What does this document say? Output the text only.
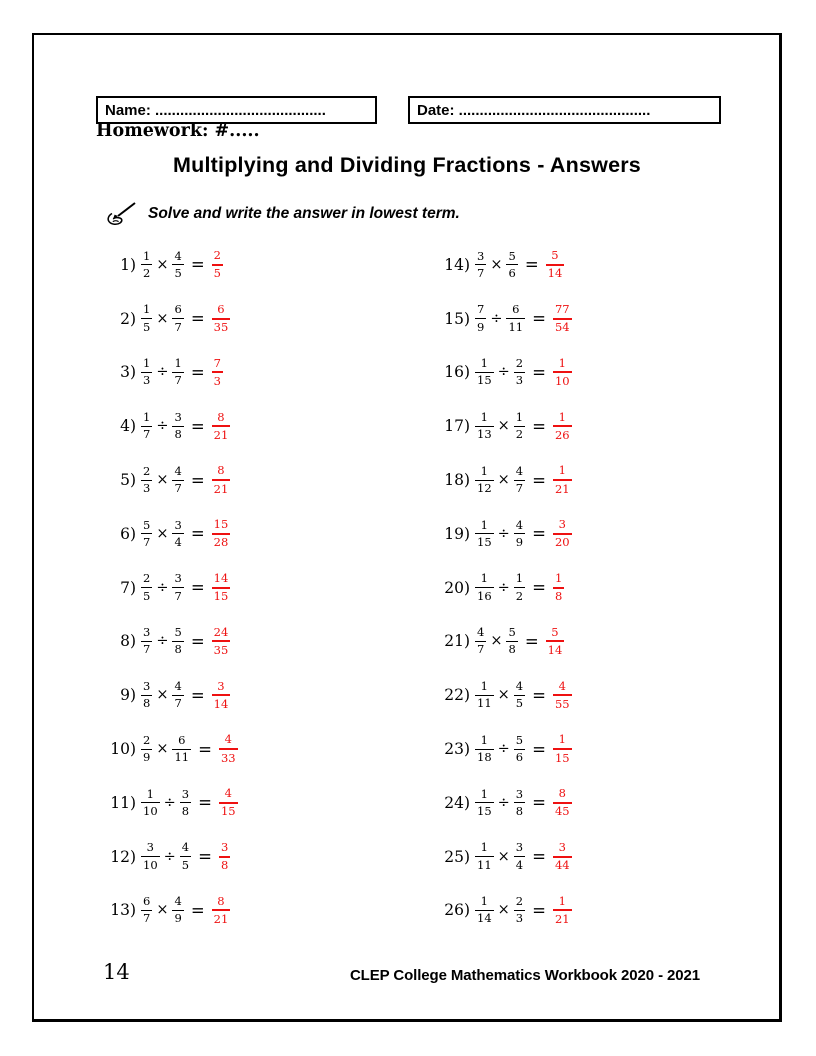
Name: .........................................	Date: ..............................................
Homework: #.....
Multiplying and Dividing Fractions - Answers
Solve and write the answer in lowest term.
$1) \frac{1}{2} \times \frac{4}{5} = \frac{2}{5}$
$2) \frac{1}{5} \times \frac{6}{7} = \frac{6}{35}$
$3) \frac{1}{3} \div \frac{1}{7} = \frac{7}{3}$
$4) \frac{1}{7} \div \frac{3}{8} = \frac{8}{21}$
$5) \frac{2}{3} \times \frac{4}{7} = \frac{8}{21}$
$6) \frac{5}{7} \times \frac{3}{4} = \frac{15}{28}$
$7) \frac{2}{5} \div \frac{3}{7} = \frac{14}{15}$
$8) \frac{3}{7} \div \frac{5}{8} = \frac{24}{35}$
$9) \frac{3}{8} \times \frac{4}{7} = \frac{3}{14}$
$10) \frac{2}{9} \times \frac{6}{11} = \frac{4}{33}$
$11) \frac{1}{10} \div \frac{3}{8} = \frac{4}{15}$
$12) \frac{3}{10} \div \frac{4}{5} = \frac{3}{8}$
$13) \frac{6}{7} \times \frac{4}{9} = \frac{8}{21}$
$14) \frac{3}{7} \times \frac{5}{6} = \frac{5}{14}$
$15) \frac{7}{9} \div \frac{6}{11} = \frac{77}{54}$
$16) \frac{1}{15} \div \frac{2}{3} = \frac{1}{10}$
$17) \frac{1}{13} \times \frac{1}{2} = \frac{1}{26}$
$18) \frac{1}{12} \times \frac{4}{7} = \frac{1}{21}$
$19) \frac{1}{15} \div \frac{4}{9} = \frac{3}{20}$
$20) \frac{1}{16} \div \frac{1}{2} = \frac{1}{8}$
$21) \frac{4}{7} \times \frac{5}{8} = \frac{5}{14}$
$22) \frac{1}{11} \times \frac{4}{5} = \frac{4}{55}$
$23) \frac{1}{18} \div \frac{5}{6} = \frac{1}{15}$
$24) \frac{1}{15} \div \frac{3}{8} = \frac{8}{45}$
$25) \frac{1}{11} \times \frac{3}{4} = \frac{3}{44}$
$26) \frac{1}{14} \times \frac{2}{3} = \frac{1}{21}$
14	CLEP College Mathematics Workbook 2020 - 2021
